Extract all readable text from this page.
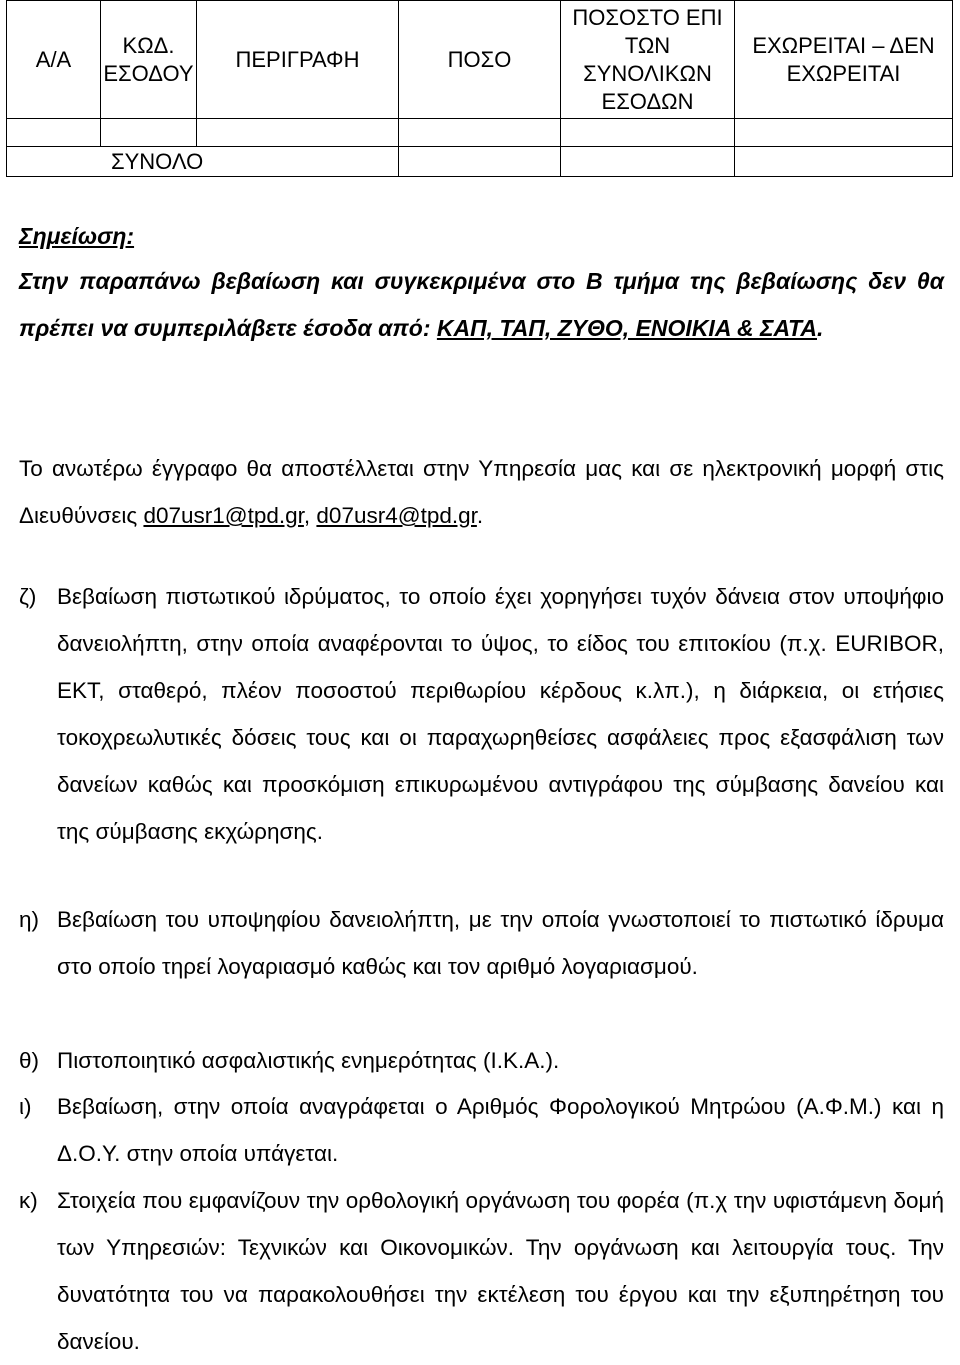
Α/Α	ΚΩΔ. ΕΣΟΔΟΥ	ΠΕΡΙΓΡΑΦΗ	ΠΟΣΟ	ΠΟΣΟΣΤΟ ΕΠΙ ΤΩΝ ΣΥΝΟΛΙΚΩΝ ΕΣΟΔΩΝ	ΕΧΩΡΕΙΤΑΙ – ΔΕΝ ΕΧΩΡΕΙΤΑΙ

ΣΥΝΟΛΟ					
Σημείωση:
Στην παραπάνω βεβαίωση και συγκεκριμένα στο Β τμήμα της βεβαίωσης δεν θα πρέπει να συμπεριλάβετε έσοδα από: ΚΑΠ, ΤΑΠ, ΖΥΘΟ, ΕΝΟΙΚΙΑ & ΣΑΤΑ.
Το ανωτέρω έγγραφο θα αποστέλλεται στην Υπηρεσία μας και σε ηλεκτρονική μορφή στις Διευθύνσεις d07usr1@tpd.gr, d07usr4@tpd.gr.
ζ) Βεβαίωση πιστωτικού ιδρύματος, το οποίο έχει χορηγήσει τυχόν δάνεια στον υποψήφιο δανειολήπτη, στην οποία αναφέρονται το ύψος, το είδος του επιτοκίου (π.χ. EURIBOR, ΕΚΤ, σταθερό, πλέον ποσοστού περιθωρίου κέρδους κ.λπ.), η διάρκεια, οι ετήσιες τοκοχρεωλυτικές δόσεις τους και οι παραχωρηθείσες ασφάλειες προς εξασφάλιση των δανείων καθώς και προσκόμιση επικυρωμένου αντιγράφου της σύμβασης δανείου και της σύμβασης εκχώρησης.
η) Βεβαίωση του υποψηφίου δανειολήπτη, με την οποία γνωστοποιεί το πιστωτικό ίδρυμα στο οποίο τηρεί λογαριασμό καθώς και τον αριθμό λογαριασμού.
θ) Πιστοποιητικό ασφαλιστικής ενημερότητας (Ι.Κ.Α.).
ι) Βεβαίωση, στην οποία αναγράφεται ο Αριθμός Φορολογικού Μητρώου (Α.Φ.Μ.) και η Δ.Ο.Υ. στην οποία υπάγεται.
κ) Στοιχεία που εμφανίζουν την ορθολογική οργάνωση του φορέα (π.χ την υφιστάμενη δομή των Υπηρεσιών: Τεχνικών και Οικονομικών. Την οργάνωση και λειτουργία τους. Την δυνατότητα του να παρακολουθήσει την εκτέλεση του έργου και την εξυπηρέτηση του δανείου.
